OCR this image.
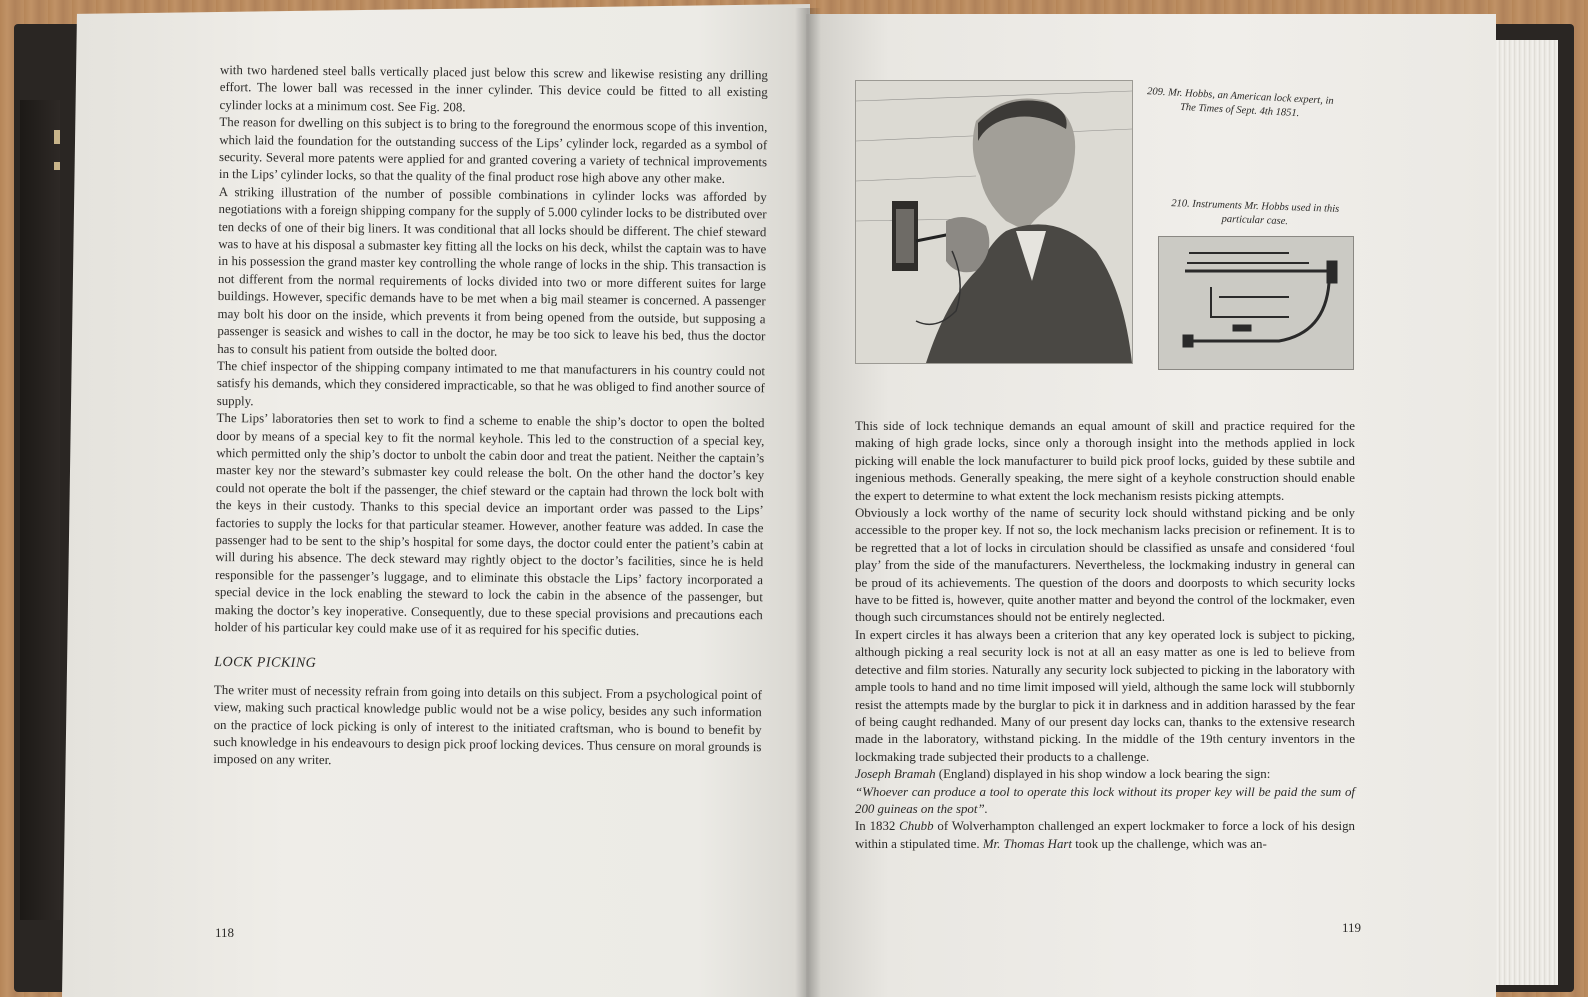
with two hardened steel balls vertically placed just below this screw and likewise resisting any drilling effort. The lower ball was recessed in the inner cylinder. This device could be fitted to all existing cylinder locks at a minimum cost. See Fig. 208.

The reason for dwelling on this subject is to bring to the foreground the enormous scope of this invention, which laid the foundation for the outstanding success of the Lips’ cylinder lock, regarded as a symbol of security. Several more patents were applied for and granted covering a variety of technical improvements in the Lips’ cylinder locks, so that the quality of the final product rose high above any other make.

A striking illustration of the number of possible combinations in cylinder locks was afforded by negotiations with a foreign shipping company for the supply of 5.000 cylinder locks to be distributed over ten decks of one of their big liners. It was conditional that all locks should be different. The chief steward was to have at his disposal a submaster key fitting all the locks on his deck, whilst the captain was to have in his possession the grand master key controlling the whole range of locks in the ship. This transaction is not different from the normal requirements of locks divided into two or more different suites for large buildings. However, specific demands have to be met when a big mail steamer is concerned. A passenger may bolt his door on the inside, which prevents it from being opened from the outside, but supposing a passenger is seasick and wishes to call in the doctor, he may be too sick to leave his bed, thus the doctor has to consult his patient from outside the bolted door.

The chief inspector of the shipping company intimated to me that manufacturers in his country could not satisfy his demands, which they considered impracticable, so that he was obliged to find another source of supply.

The Lips’ laboratories then set to work to find a scheme to enable the ship’s doctor to open the bolted door by means of a special key to fit the normal keyhole. This led to the construction of a special key, which permitted only the ship’s doctor to unbolt the cabin door and treat the patient. Neither the captain’s master key nor the steward’s submaster key could release the bolt. On the other hand the doctor’s key could not operate the bolt if the passenger, the chief steward or the captain had thrown the lock bolt with the keys in their custody. Thanks to this special device an important order was passed to the Lips’ factories to supply the locks for that particular steamer. However, another feature was added. In case the passenger had to be sent to the ship’s hospital for some days, the doctor could enter the patient’s cabin at will during his absence. The deck steward may rightly object to the doctor’s facilities, since he is held responsible for the passenger’s luggage, and to eliminate this obstacle the Lips’ factory incorporated a special device in the lock enabling the steward to lock the cabin in the absence of the passenger, but making the doctor’s key inoperative. Consequently, due to these special provisions and precautions each holder of his particular key could make use of it as required for his specific duties.

LOCK PICKING

The writer must of necessity refrain from going into details on this subject. From a psychological point of view, making such practical knowledge public would not be a wise policy, besides any such information on the practice of lock picking is only of interest to the initiated craftsman, who is bound to benefit by such knowledge in his endeavours to design pick proof locking devices. Thus censure on moral grounds is imposed on any writer.

118
209. Mr. Hobbs, an American lock expert, in The Times of Sept. 4th 1851.
210. Instruments Mr. Hobbs used in this particular case.

This side of lock technique demands an equal amount of skill and practice required for the making of high grade locks, since only a thorough insight into the methods applied in lock picking will enable the lock manufacturer to build pick proof locks, guided by these subtile and ingenious methods. Generally speaking, the mere sight of a keyhole construction should enable the expert to determine to what extent the lock mechanism resists picking attempts.

Obviously a lock worthy of the name of security lock should withstand picking and be only accessible to the proper key. If not so, the lock mechanism lacks precision or refinement. It is to be regretted that a lot of locks in circulation should be classified as unsafe and considered ‘foul play’ from the side of the manufacturers. Nevertheless, the lockmaking industry in general can be proud of its achievements. The question of the doors and doorposts to which security locks have to be fitted is, however, quite another matter and beyond the control of the lockmaker, even though such circumstances should not be entirely neglected.

In expert circles it has always been a criterion that any key operated lock is subject to picking, although picking a real security lock is not at all an easy matter as one is led to believe from detective and film stories. Naturally any security lock subjected to picking in the laboratory with ample tools to hand and no time limit imposed will yield, although the same lock will stubbornly resist the attempts made by the burglar to pick it in darkness and in addition harassed by the fear of being caught redhanded. Many of our present day locks can, thanks to the extensive research made in the laboratory, withstand picking. In the middle of the 19th century inventors in the lockmaking trade subjected their products to a challenge.

Joseph Bramah (England) displayed in his shop window a lock bearing the sign:

“Whoever can produce a tool to operate this lock without its proper key will be paid the sum of 200 guineas on the spot”.

In 1832 Chubb of Wolverhampton challenged an expert lockmaker to force a lock of his design within a stipulated time. Mr. Thomas Hart took up the challenge, which was an-

119
